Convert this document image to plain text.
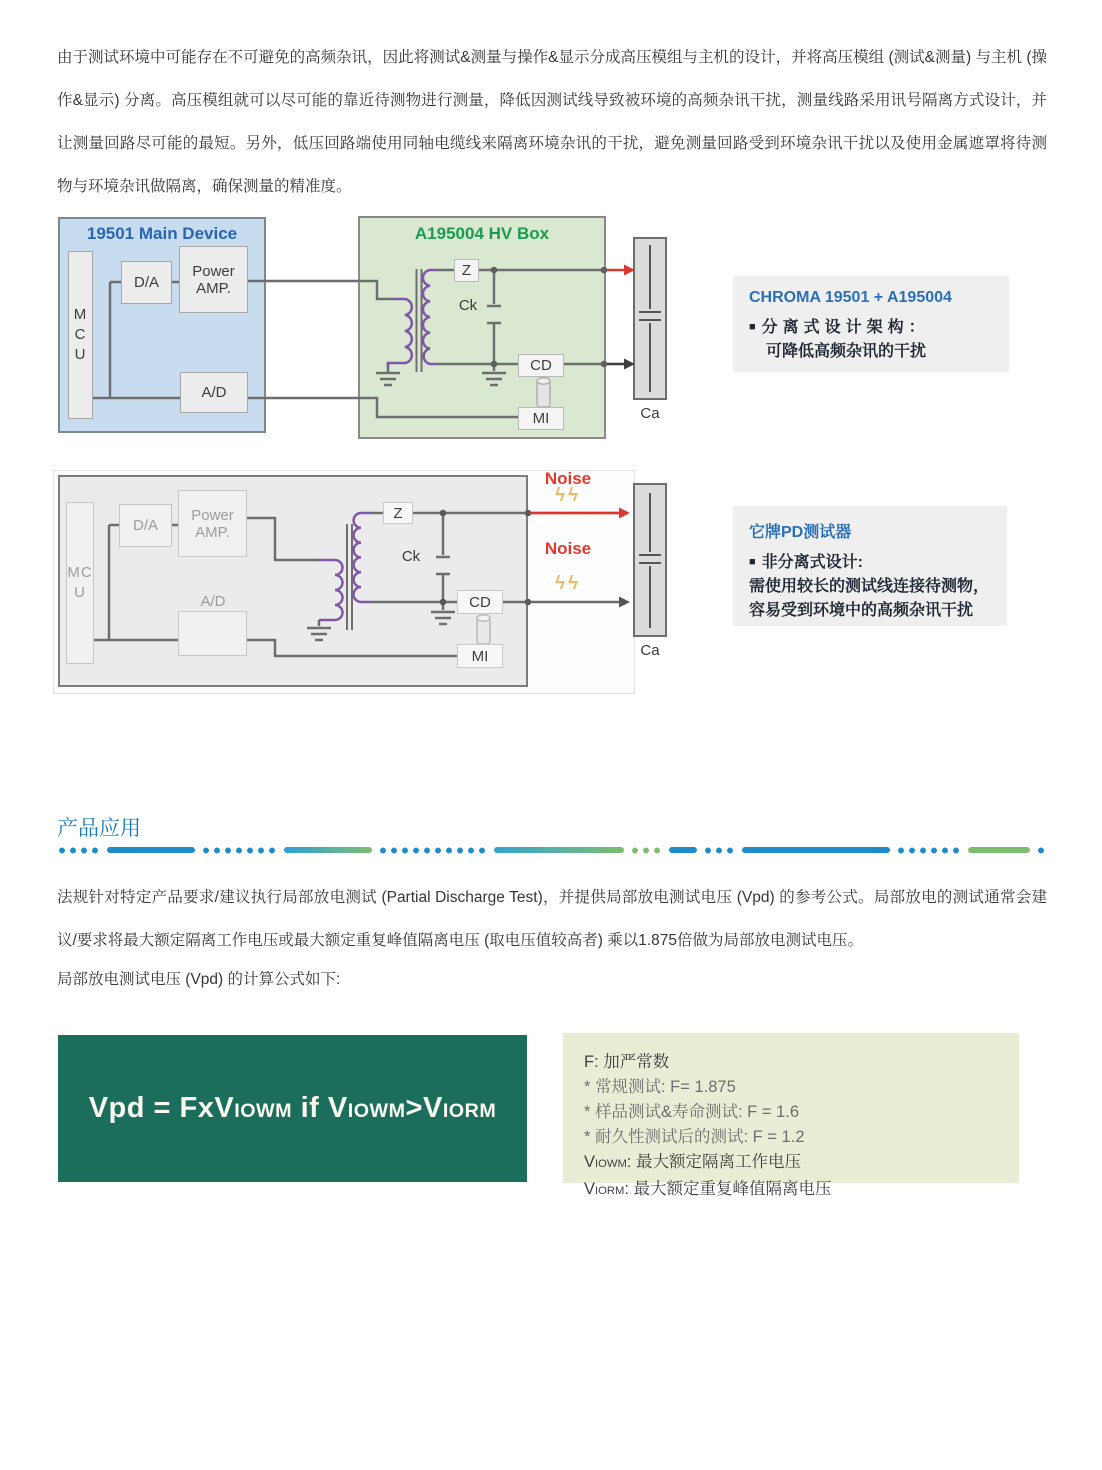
由于测试环境中可能存在不可避免的高频杂讯，因此将测试&测量与操作&显示分成高压模组与主机的设计，并将高压模组 (测试&测量) 与主机 (操作&显示) 分离。高压模组就可以尽可能的靠近待测物进行测量，降低因测试线导致被环境的高频杂讯干扰，测量线路采用讯号隔离方式设计，并让测量回路尽可能的最短。另外，低压回路端使用同轴电缆线来隔离环境杂讯的干扰，避免测量回路受到环境杂讯干扰以及使用金属遮罩将待测物与环境杂讯做隔离，确保测量的精准度。
19501 Main Device	A195004 HV Box
MCU
D/A
Power AMP.
A/D
Z
Ck
CD
MI	Ca
CHROMA 19501 + A195004
■ 分离式设计架构：
可降低高频杂讯的干扰
MCU
D/A
Power AMP.
A/D
Z
Ck
CD
MI	Ca
Noise
ϟϟ
Noise
ϟϟ
它牌PD测试器
■ 非分离式设计:
需使用较长的测试线连接待测物，
容易受到环境中的高频杂讯干扰
产品应用
法规针对特定产品要求/建议执行局部放电测试 (Partial Discharge Test)，并提供局部放电测试电压 (Vpd) 的参考公式。局部放电的测试通常会建议/要求将最大额定隔离工作电压或最大额定重复峰值隔离电压 (取电压值较高者) 乘以1.875倍做为局部放电测试电压。
局部放电测试电压 (Vpd) 的计算公式如下:
Vpd = FxVIOWM if VIOWM>VIORM
F: 加严常数
* 常规测试: F= 1.875
* 样品测试&寿命测试: F = 1.6
* 耐久性测试后的测试: F = 1.2
VIOWM: 最大额定隔离工作电压
VIORM: 最大额定重复峰值隔离电压
